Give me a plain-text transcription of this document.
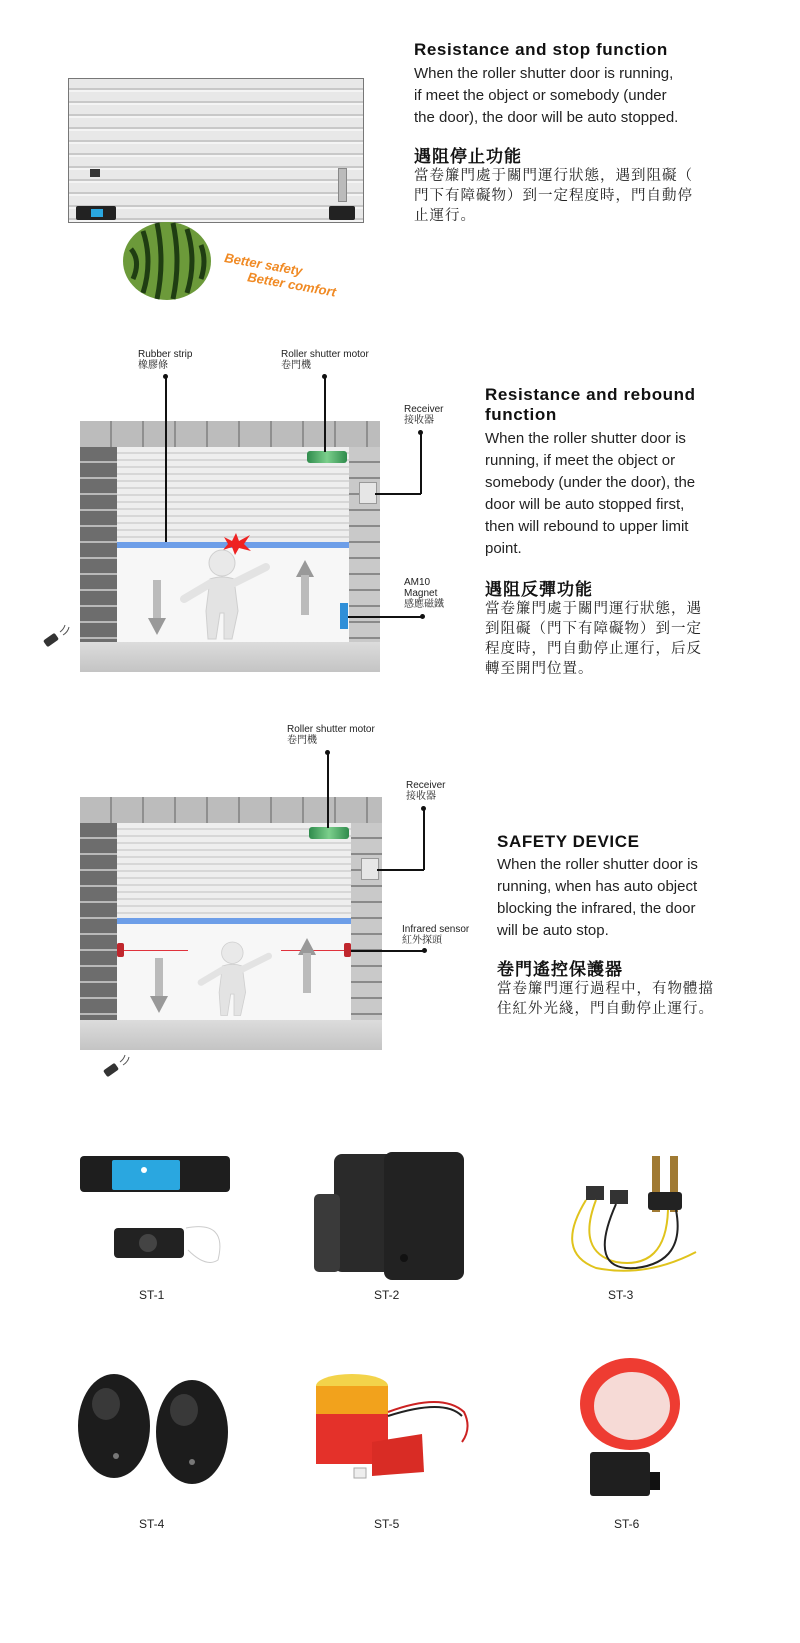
Better safety
Better comfort
Resistance and stop function
When the roller shutter door is running,
if meet the object or somebody (under
the door), the door will be auto stopped.
遇阻停止功能
當卷簾門處于關門運行狀態，遇到阻礙（
門下有障礙物）到一定程度時，門自動停
止運行。
Rubber strip
橡膠條
Roller shutter motor
卷門機
Receiver
接收器
AM10
Magnet
感應磁鐵
Resistance and rebound
function
When the roller shutter door is
running, if meet the object or
somebody (under the door), the
door will be auto stopped first,
then will rebound to upper limit
point.
遇阻反彈功能
當卷簾門處于關門運行狀態，遇
到阻礙（門下有障礙物）到一定
程度時，門自動停止運行，后反
轉至開門位置。
Roller shutter motor
卷門機
Receiver
接收器
Infrared sensor
紅外探頭
SAFETY DEVICE
When the roller shutter door is
running, when has auto object
blocking the infrared, the door
will be auto stop.
卷門遙控保護器
當卷簾門運行過程中，有物體擋
住紅外光綫，門自動停止運行。
ST-1	ST-2	ST-3
ST-4	ST-5	ST-6
